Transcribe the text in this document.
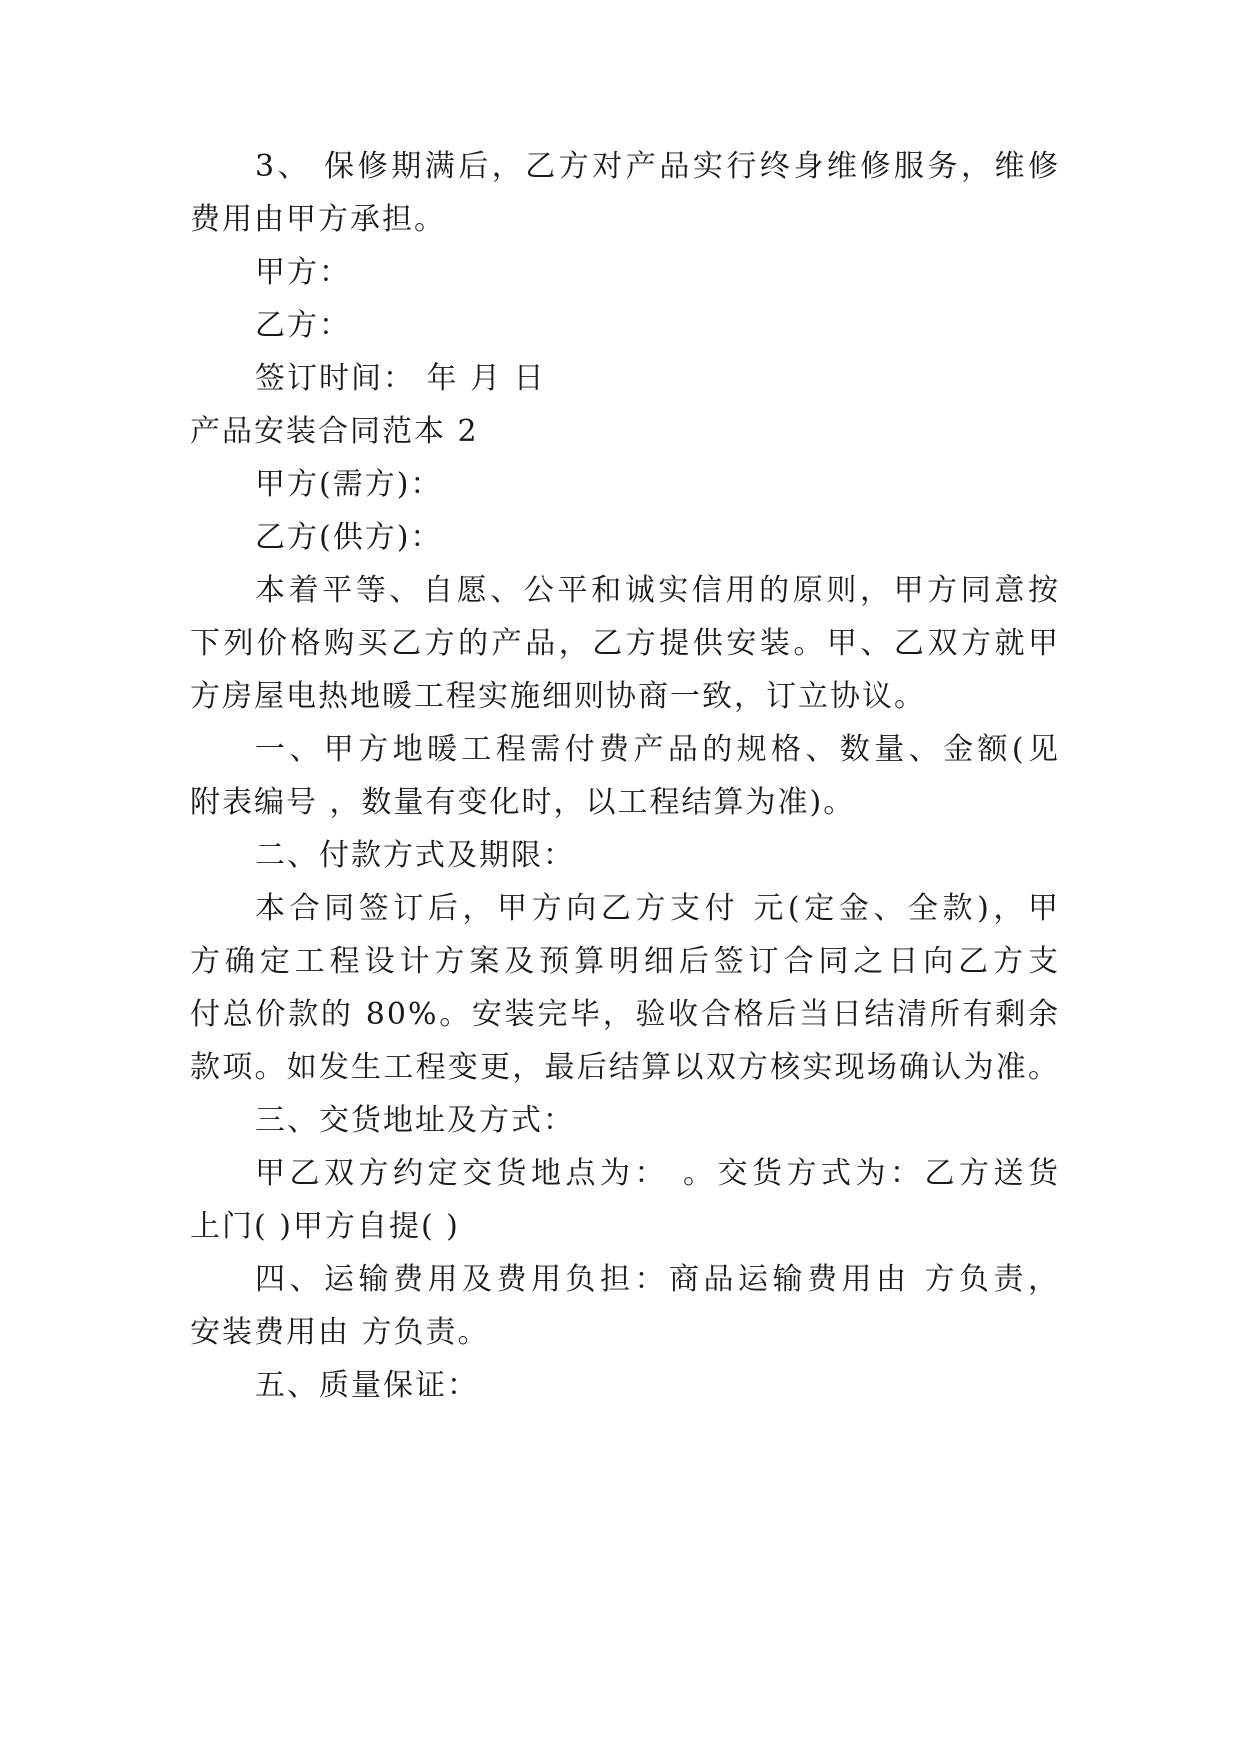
3、 保修期满后，乙方对产品实行终身维修服务，维修
费用由甲方承担。
甲方：
乙方：
签订时间： 年 月 日
产品安装合同范本 2
甲方(需方)：
乙方(供方)：
本着平等、自愿、公平和诚实信用的原则，甲方同意按
下列价格购买乙方的产品，乙方提供安装。甲、乙双方就甲
方房屋电热地暖工程实施细则协商一致，订立协议。
一、甲方地暖工程需付费产品的规格、数量、金额(见
附表编号 ，数量有变化时，以工程结算为准)。
二、付款方式及期限：
本合同签订后，甲方向乙方支付 元(定金、全款)，甲
方确定工程设计方案及预算明细后签订合同之日向乙方支
付总价款的 80%。安装完毕，验收合格后当日结清所有剩余
款项。如发生工程变更，最后结算以双方核实现场确认为准。
三、交货地址及方式：
甲乙双方约定交货地点为： 。交货方式为：乙方送货
上门( )甲方自提( )
四、运输费用及费用负担：商品运输费用由 方负责，
安装费用由 方负责。
五、质量保证：
